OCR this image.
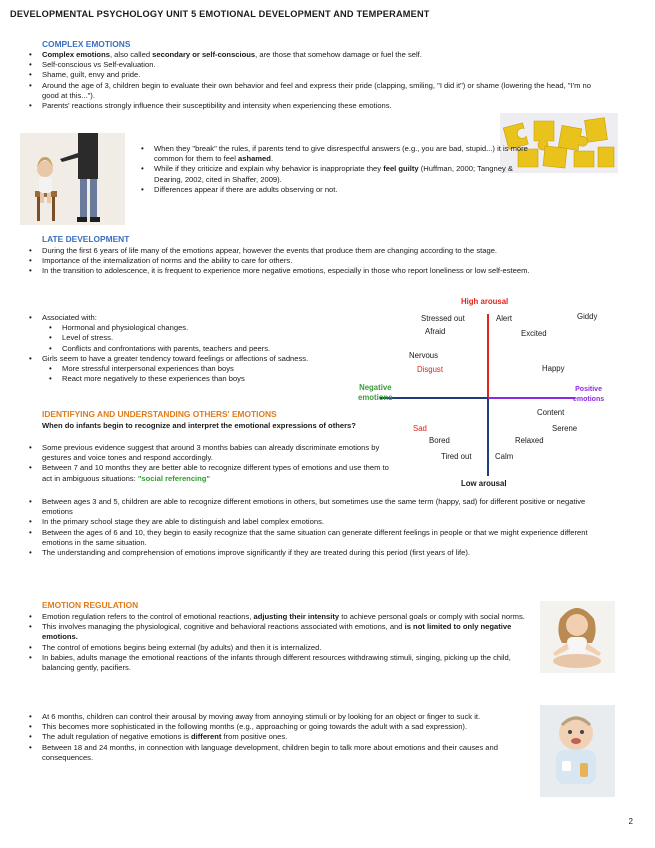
DEVELOPMENTAL PSYCHOLOGY UNIT 5 EMOTIONAL DEVELOPMENT AND TEMPERAMENT
COMPLEX EMOTIONS
• Complex emotions, also called secondary or self-conscious, are those that somehow damage or fuel the self.
• Self-conscious vs Self-evaluation.
• Shame, guilt, envy and pride.
• Around the age of 3, children begin to evaluate their own behavior and feel and express their pride (clapping, smiling, "I did it") or shame (lowering the head, "I'm no good at this...").
• Parents' reactions strongly influence their susceptibility and intensity when experiencing these emotions.
• When they "break" the rules, if parents tend to give disrespectful answers (e.g., you are bad, stupid...) it is more common for them to feel ashamed.
• While if they criticize and explain why behavior is inappropriate they feel guilty (Huffman, 2000; Tangney & Dearing, 2002, cited in Shaffer, 2009).
• Differences appear if there are adults observing or not.
LATE DEVELOPMENT
• During the first 6 years of life many of the emotions appear, however the events that produce them are changing according to the stage.
• Importance of the internalization of norms and the ability to care for others.
• In the transition to adolescence, it is frequent to experience more negative emotions, especially in those who report loneliness or low self-esteem.
• Associated with:
• Hormonal and physiological changes.
• Level of stress.
• Conflicts and confrontations with parents, teachers and peers.
• Girls seem to have a greater tendency toward feelings or affections of sadness.
• More stressful interpersonal experiences than boys
• React more negatively to these experiences than boys
High arousal
Stressed out	Alert	Giddy
Afraid	Excited
Nervous
Disgust	Happy
Negative
emotions
Positive
emotions
Content
Sad	Serene
Bored	Relaxed
Tired out	Calm
Low arousal
IDENTIFYING AND UNDERSTANDING OTHERS' EMOTIONS
When do infants begin to recognize and interpret the emotional expressions of others?
• Some previous evidence suggest that around 3 months babies can already discriminate emotions by gestures and voice tones and respond accordingly.
• Between 7 and 10 months they are better able to recognize different types of emotions and use them to act in ambiguous situations: "social referencing"
• Between ages 3 and 5, children are able to recognize different emotions in others, but sometimes use the same term (happy, sad) for different positive or negative emotions
• In the primary school stage they are able to distinguish and label complex emotions.
• Between the ages of 6 and 10, they begin to easily recognize that the same situation can generate different feelings in people or that we might experience different emotions in the same situation.
• The understanding and comprehension of emotions improve significantly if they are treated during this period (first years of life).
EMOTION REGULATION
• Emotion regulation refers to the control of emotional reactions, adjusting their intensity to achieve personal goals or comply with social norms.
• This involves managing the physiological, cognitive and behavioral reactions associated with emotions, and is not limited to only negative emotions.
• The control of emotions begins being external (by adults) and then it is internalized.
• In babies, adults manage the emotional reactions of the infants through different resources withdrawing stimuli, singing, picking up the child, balancing gently, pacifiers.
• At 6 months, children can control their arousal by moving away from annoying stimuli or by looking for an object or finger to suck it.
• This becomes more sophisticated in the following months (e.g., approaching or going towards the adult with a sad expression).
• The adult regulation of negative emotions is different from positive ones.
• Between 18 and 24 months, in connection with language development, children begin to talk more about emotions and their causes and consequences.
2
